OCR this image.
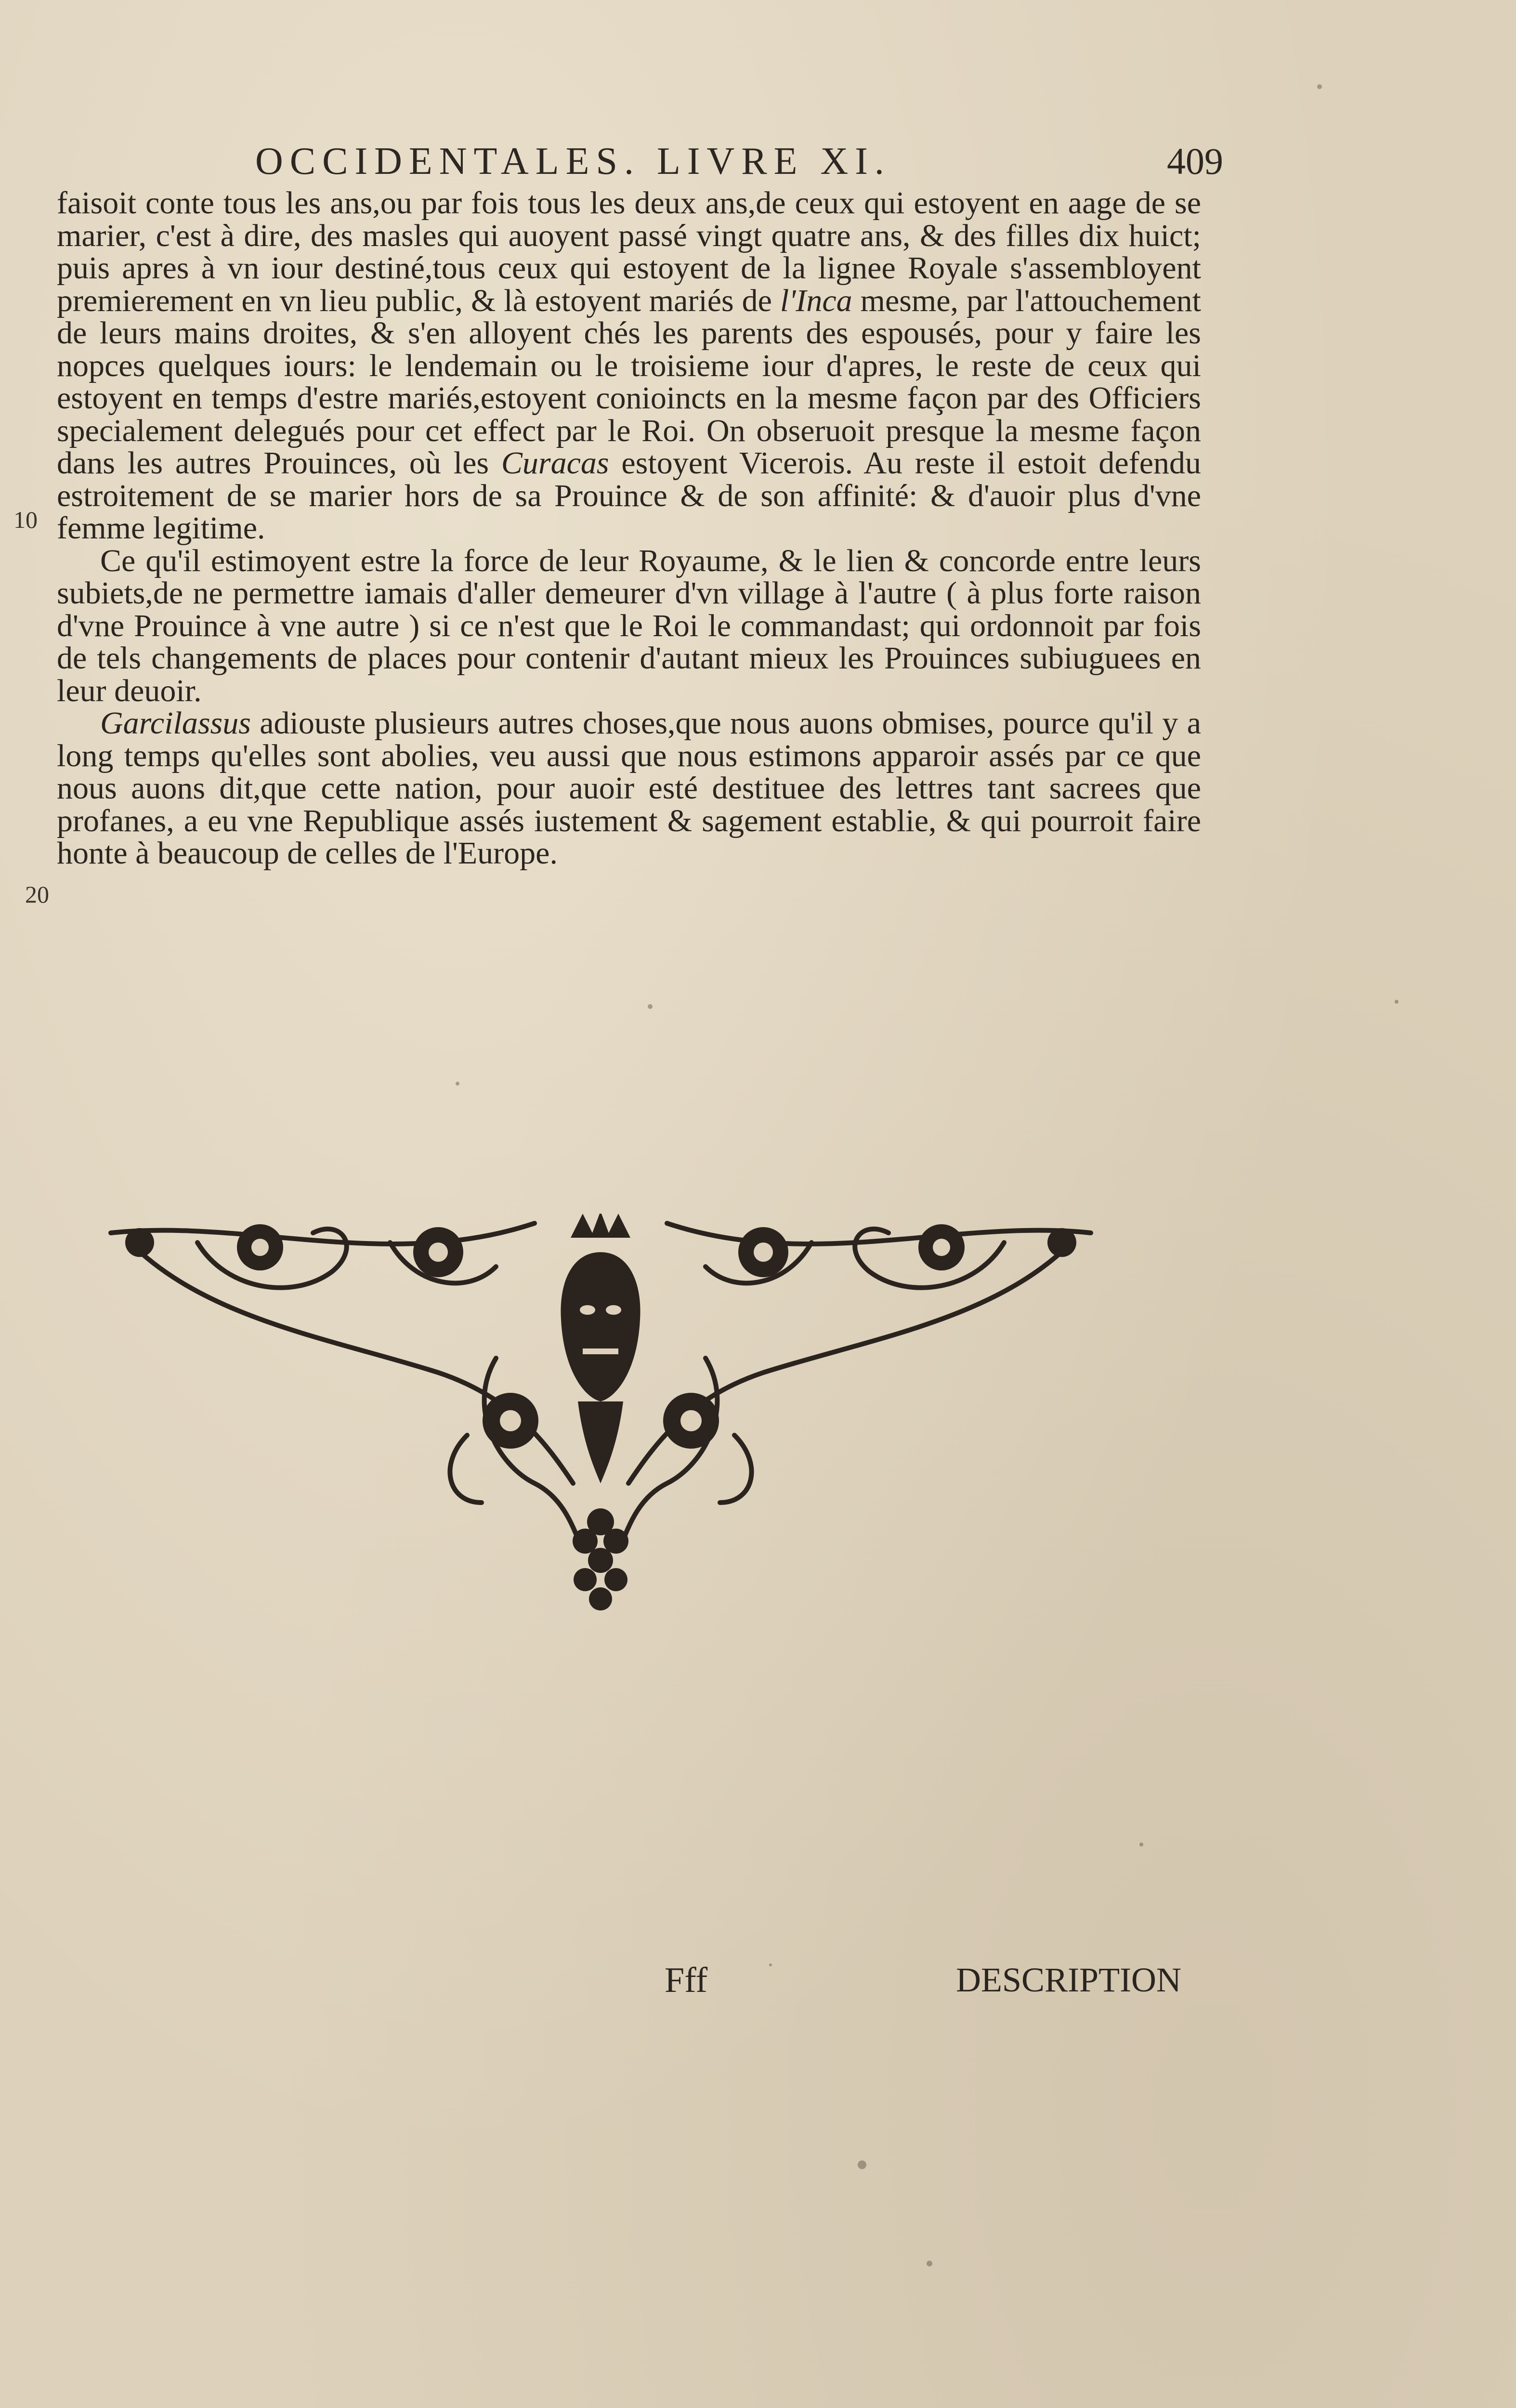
OCCIDENTALES. LIVRE XI.	409

faisoit conte tous les ans,ou par fois tous les deux ans,de ceux qui estoyent en aage de se marier, c'est à dire, des masles qui auoyent passé vingt quatre ans, & des filles dix huict; puis apres à vn iour destiné,tous ceux qui estoyent de la lignee Royale s'assembloyent premierement en vn lieu public, & là estoyent mariés de l'Inca mesme, par l'attouchement de leurs mains droites, & s'en alloyent chés les parents des espousés, pour y faire les nopces quelques iours: le lendemain ou le troisieme iour d'apres, le reste de ceux qui estoyent en temps d'estre mariés,estoyent conioincts en la mesme façon par des Officiers specialement delegués pour cet effect par le Roi. On obseruoit presque la mesme façon dans les autres Prouinces, où les Curacas estoyent Vicerois. Au reste il estoit defendu estroitement de se marier hors de sa Prouince & de son affinité: & d'auoir plus d'vne femme legitime.

Ce qu'il estimoyent estre la force de leur Royaume, & le lien & concorde entre leurs subiets,de ne permettre iamais d'aller demeurer d'vn village à l'autre ( à plus forte raison d'vne Prouince à vne autre ) si ce n'est que le Roi le commandast; qui ordonnoit par fois de tels changements de places pour contenir d'autant mieux les Prouinces subiuguees en leur deuoir.

Garcilassus adiouste plusieurs autres choses,que nous auons obmises, pource qu'il y a long temps qu'elles sont abolies, veu aussi que nous estimons apparoir assés par ce que nous auons dit,que cette nation, pour auoir esté destituee des lettres tant sacrees que profanes, a eu vne Republique assés iustement & sagement establie, & qui pourroit faire honte à beaucoup de celles de l'Europe.

10
20
Fff	DESCRIPTION
